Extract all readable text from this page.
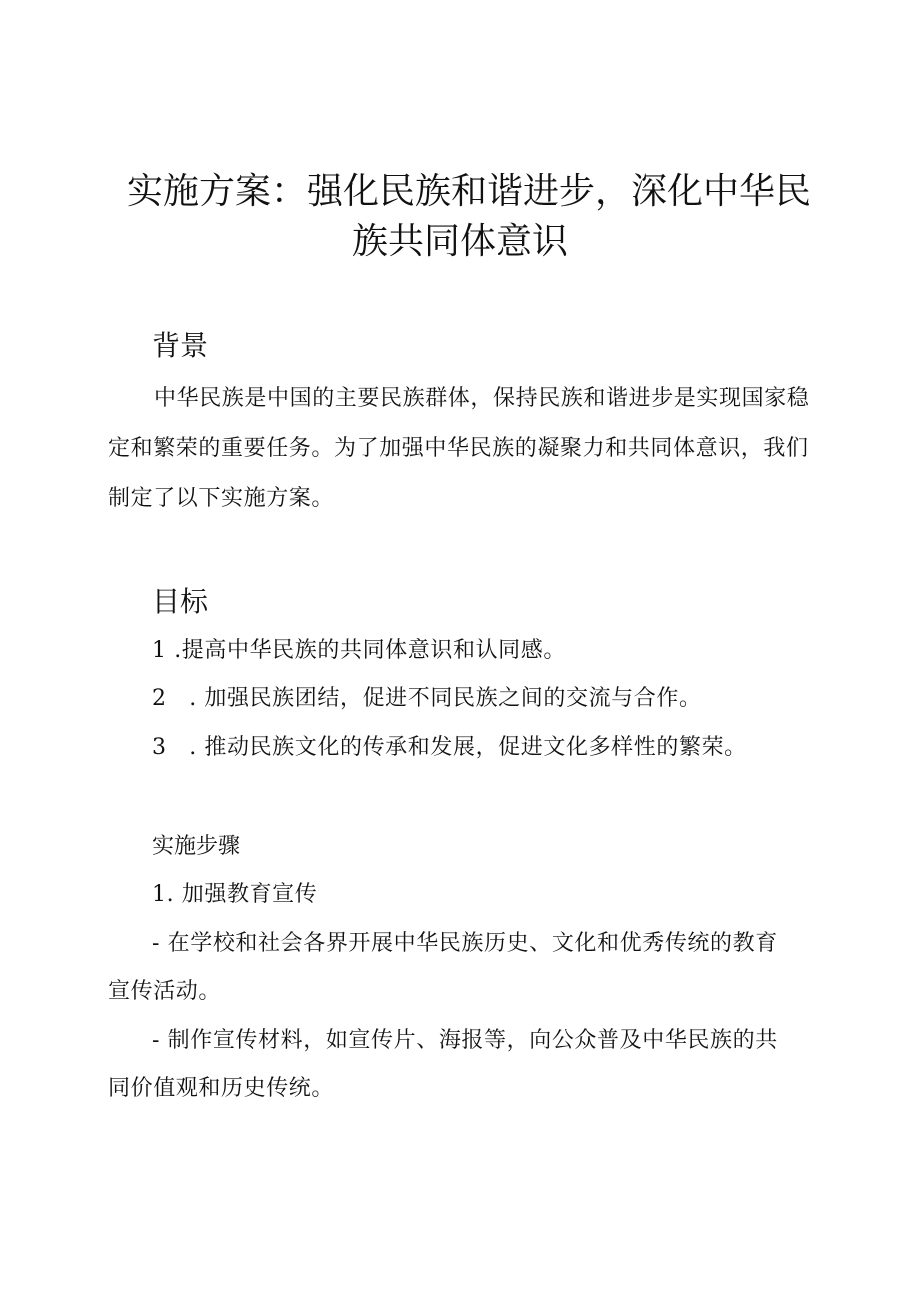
实施方案：强化民族和谐进步，深化中华民
族共同体意识
背景

中华民族是中国的主要民族群体，保持民族和谐进步是实现国家稳定和繁荣的重要任务。为了加强中华民族的凝聚力和共同体意识，我们制定了以下实施方案。

目标

1 .提高中华民族的共同体意识和认同感。

2　. 加强民族团结，促进不同民族之间的交流与合作。

3　. 推动民族文化的传承和发展，促进文化多样性的繁荣。

实施步骤

1. 加强教育宣传

- 在学校和社会各界开展中华民族历史、文化和优秀传统的教育

宣传活动。

- 制作宣传材料，如宣传片、海报等，向公众普及中华民族的共

同价值观和历史传统。
